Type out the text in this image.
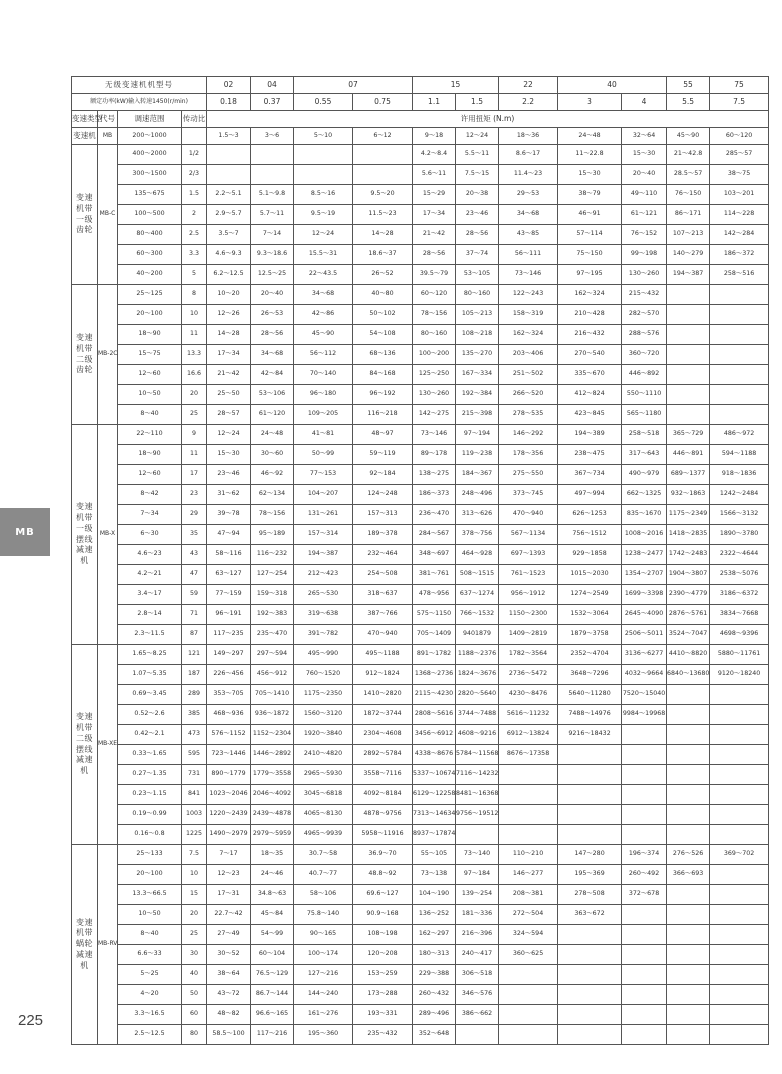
无级变速机机型号				02	04	07		15		22	40		55	75
额定功率(kW)输入转速1450(r/min)				0.18	0.37	0.55	0.75	1.1	1.5	2.2	3	4	5.5	7.5
变速类型	代号	调速范围	传动比	许用扭矩 (N.m)										
变速机	MB	200～1000		1.5～3	3～6	5～10	6～12	9～18	12～24	18～36	24～48	32～64	45～90	60～120
变速机带一级齿轮	MB-C	400～2000	1/2					4.2～8.4	5.5～11	8.6～17	11～22.8	15～30	21～42.8	285～57
		300～1500	2/3					5.6～11	7.5～15	11.4～23	15～30	20～40	28.5～57	38～75
		135～675	1.5	2.2～5.1	5.1～9.8	8.5～16	9.5～20	15～29	20～38	29～53	38～79	49～110	76～150	103～201
		100～500	2	2.9～5.7	5.7～11	9.5～19	11.5～23	17～34	23～46	34～68	46～91	61～121	86～171	114～228
		80～400	2.5	3.5～7	7～14	12～24	14～28	21～42	28～56	43～85	57～114	76～152	107～213	142～284
		60～300	3.3	4.6～9.3	9.3～18.6	15.5～31	18.6～37	28～56	37～74	56～111	75～150	99～198	140～279	186～372
		40～200	5	6.2～12.5	12.5～25	22～43.5	26～52	39.5～79	53～105	73～146	97～195	130～260	194～387	258～516
变速机带二级齿轮	MB-2C	25～125	8	10～20	20～40	34～68	40～80	60～120	80～160	122～243	162～324	215～432		
		20～100	10	12～26	26～53	42～86	50～102	78～156	105～213	158～319	210～428	282～570		
		18～90	11	14～28	28～56	45～90	54～108	80～160	108～218	162～324	216～432	288～576		
		15～75	13.3	17～34	34～68	56～112	68～136	100～200	135～270	203～406	270～540	360～720		
		12～60	16.6	21～42	42～84	70～140	84～168	125～250	167～334	251～502	335～670	446～892		
		10～50	20	25～50	53～106	96～180	96～192	130～260	192～384	266～520	412～824	550～1110		
		8～40	25	28～57	61～120	109～205	116～218	142～275	215～398	278～535	423～845	565～1180		
变速机带一级摆线减速机	MB-X	22～110	9	12～24	24～48	41～81	48～97	73～146	97～194	146～292	194～389	258～518	365～729	486～972
		18～90	11	15～30	30～60	50～99	59～119	89～178	119～238	178～356	238～475	317～643	446～891	594～1188
		12～60	17	23～46	46～92	77～153	92～184	138～275	184～367	275～550	367～734	490～979	689～1377	918～1836
		8～42	23	31～62	62～134	104～207	124～248	186～373	248～496	373～745	497～994	662～1325	932～1863	1242～2484
		7～34	29	39～78	78～156	131～261	157～313	236～470	313～626	470～940	626～1253	835～1670	1175～2349	1566～3132
		6～30	35	47～94	95～189	157～314	189～378	284～567	378～756	567～1134	756～1512	1008～2016	1418～2835	1890～3780
		4.6～23	43	58～116	116～232	194～387	232～464	348～697	464～928	697～1393	929～1858	1238～2477	1742～2483	2322～4644
		4.2～21	47	63～127	127～254	212～423	254～508	381～761	508～1515	761～1523	1015～2030	1354～2707	1904～3807	2538～5076
		3.4～17	59	77～159	159～318	265～530	318～637	478～956	637～1274	956～1912	1274～2549	1699～3398	2390～4779	3186～6372
		2.8～14	71	96～191	192～383	319～638	387～766	575～1150	766～1532	1150～2300	1532～3064	2645～4090	2876～5761	3834～7668
		2.3～11.5	87	117～235	235～470	391～782	470～940	705～1409	9401879	1409～2819	1879～3758	2506～5011	3524～7047	4698～9396
变速机带二级摆线减速机	MB-XE	1.65～8.25	121	149～297	297～594	495～990	495～1188	891～1782	1188～2376	1782～3564	2352～4704	3136～6277	4410～8820	5880～11761
		1.07～5.35	187	226～456	456～912	760～1520	912～1824	1368～2736	1824～3676	2736～5472	3648～7296	4032～9664	6840～13680	9120～18240
		0.69～3.45	289	353～705	705～1410	1175～2350	1410～2820	2115～4230	2820～5640	4230～8476	5640～11280	7520～15040		
		0.52～2.6	385	468～936	936～1872	1560～3120	1872～3744	2808～5616	3744～7488	5616～11232	7488～14976	9984～19968		
		0.42～2.1	473	576～1152	1152～2304	1920～3840	2304～4608	3456～6912	4608～9216	6912～13824	9216～18432			
		0.33～1.65	595	723～1446	1446～2892	2410～4820	2892～5784	4338～8676	5784～11568	8676～17358				
		0.27～1.35	731	890～1779	1779～3558	2965～5930	3558～7116	5337～10674	7116～14232					
		0.23～1.15	841	1023～2046	2046～4092	3045～6818	4092～8184	6129～12258	8481～16368					
		0.19～0.99	1003	1220～2439	2439～4878	4065～8130	4878～9756	7313～14634	9756～19512					
		0.16～0.8	1225	1490～2979	2979～5959	4965～9939	5958～11916	8937～17874						
变速机带蜗轮减速机	MB-RV	25～133	7.5	7～17	18～35	30.7～58	36.9～70	55～105	73～140	110～210	147～280	196～374	276～526	369～702
		20～100	10	12～23	24～46	40.7～77	48.8～92	73～138	97～184	146～277	195～369	260～492	366～693	
		13.3～66.5	15	17～31	34.8～63	58～106	69.6～127	104～190	139～254	208～381	278～508	372～678		
		10～50	20	22.7～42	45～84	75.8～140	90.9～168	136～252	181～336	272～504	363～672			
		8～40	25	27～49	54～99	90～165	108～198	162～297	216～396	324～594				
		6.6～33	30	30～52	60～104	100～174	120～208	180～313	240～417	360～625				
		5～25	40	38～64	76.5～129	127～216	153～259	229～388	306～518					
		4～20	50	43～72	86.7～144	144～240	173～288	260～432	346～576					
		3.3～16.5	60	48～82	96.6～165	161～276	193～331	289～496	386～662					
		2.5～12.5	80	58.5～100	117～216	195～360	235～432	352～648						
MB
225
